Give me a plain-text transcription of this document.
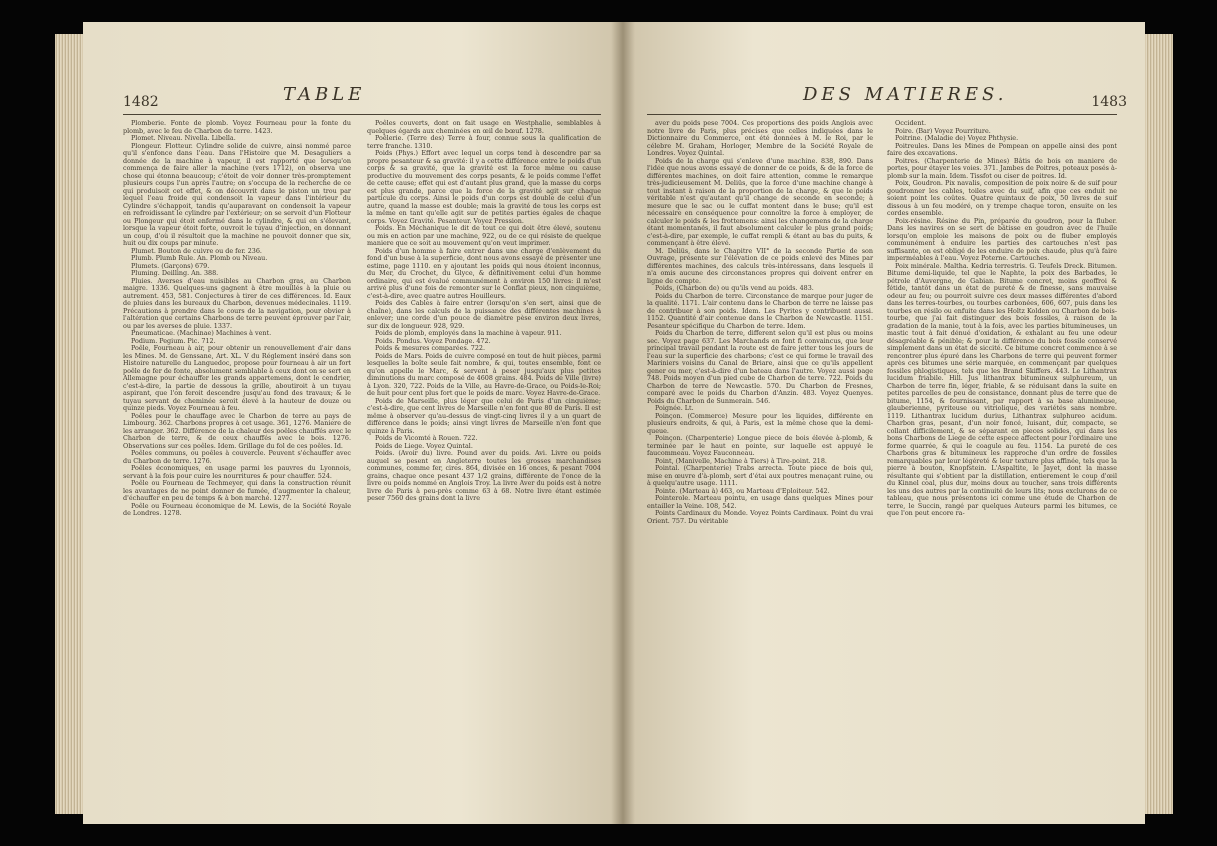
1482	TABLE

Plomberie. Fonte de plomb. Voyez Fourneau pour la fonte du plomb, avec le feu de Charbon de terre. 1423.

Plomet. Niveau. Nivella. Libella.

Plongeur. Flotteur. Cylindre solide de cuivre, ainsi nommé parce qu'il s'enfonce dans l'eau. Dans l'Histoire que M. Desaguliers a donnée de la machine à vapeur, il est rapporté que lorsqu'on commença de faire aller la machine (vers 1712), on observa une chose qui étonna beaucoup; c'étoit de voir donner très-promptement plusieurs coups l'un après l'autre; on s'occupa de la recherche de ce qui produisoit cet effet, & on découvrit dans le piston un trou par lequel l'eau froide qui condensoit la vapeur dans l'intérieur du Cylindre s'échappoit, tandis qu'auparavant on condensoit la vapeur en refroidissant le cylindre par l'extérieur; on se servoit d'un Flotteur ou Plongeur qui étoit enfermé dans le cylindre, & qui en s'élevant, lorsque la vapeur étoit forte, ouvroit le tuyau d'injection, en donnant un coup, d'où il résultoit que la machine ne pouvoit donner que six, huit ou dix coups par minute.

Plumet. Bouton de cuivre ou de fer. 236.

Plumb. Plumb Rule. An. Plomb ou Niveau.

Plumets. (Garçons) 679.

Pluming. Deilling. An. 388.

Pluies. Averses d'eau nuisibles au Charbon gras, au Charbon maigre. 1336. Quelques-uns gagnent à être mouillés à la pluie ou autrement. 453, 581. Conjectures à tirer de ces différences. Id. Eaux de pluies dans les bureaux du Charbon, devenues médecinales. 1119. Précautions à prendre dans le cours de la navigation, pour obvier à l'altération que certains Charbons de terre peuvent éprouver par l'air, ou par les averses de pluie. 1337.

Pneumaticae. (Machinae) Machines à vent.

Podium. Pegium. Pic. 712.

Poêle, Fourneau à air, pour obtenir un renouvellement d'air dans les Mines. M. de Genssane, Art. XL. V du Réglement inséré dans son Histoire naturelle du Languedoc, propose pour fourneau à air un fort poêle de fer de fonte, absolument semblable à ceux dont on se sert en Allemagne pour échauffer les grands appartemens, dont le cendrier, c'est-à-dire, la partie de dessous la grille, aboutiroit à un tuyau aspirant, que l'on feroit descendre jusqu'au fond des travaux; & le tuyau servant de cheminée seroit élevé à la hauteur de douze ou quinze pieds. Voyez Fourneau à feu.

Poêles pour le chauffage avec le Charbon de terre au pays de Limbourg. 362. Charbons propres à cet usage. 361, 1276. Maniere de les arranger. 362. Différence de la chaleur des poêles chauffés avec le Charbon de terre, & de ceux chauffés avec le bois. 1276. Observations sur ces poêles. Idem. Grillage du fol de ces poêles. Id.

Poêles communs, ou poêles à couvercle. Peuvent s'échauffer avec du Charbon de terre. 1276.

Poêles économiques, en usage parmi les pauvres du Lyonnois, servant à la fois pour cuire les nourritures & pour chauffer. 524.

Poêle ou Fourneau de Techmeyer, qui dans la construction réunit les avantages de ne point donner de fumée, d'augmenter la chaleur, d'échauffer en peu de temps & à bon marché. 1277.

Poêle ou Fourneau économique de M. Lewis, de la Société Royale de Londres. 1278.

Poêles couverts, dont on fait usage en Westphalie, semblables à quelques égards aux cheminées en œil de bœuf. 1278.

Poêlerie. (Terre des) Terre à four, connue sous la qualification de terre franche. 1310.

Poids (Phys.) Effort avec lequel un corps tend à descendre par sa propre pesanteur & sa gravité: il y a cette différence entre le poids d'un corps & sa gravité, que la gravité est la force même ou cause productive du mouvement des corps pesants, & le poids comme l'effet de cette cause; effet qui est d'autant plus grand, que la masse du corps est plus grande, parce que la force de la gravité agit sur chaque particule du corps. Ainsi le poids d'un corps est double de celui d'un autre, quand la masse est double; mais la gravité de tous les corps est la même en tant qu'elle agit sur de petites parties égales de chaque corps. Voyez Gravité. Pesanteur. Voyez Pression.

Poids. En Méchanique le dit de tout ce qui doit être élevé, soutenu ou mis en action par une machine, 922, ou de ce qui résiste de quelque maniere que ce soit au mouvement qu'on veut imprimer.

Poids d'un homme à faire entrer dans une charge d'enlèvement du fond d'un buse à la superficie, dont nous avons essayé de présenter une estime, page 1110. en y ajoutant les poids qui nous étoient inconnus, du Mer, du Crochet, du Glyce, & définitivement celui d'un homme ordinaire, qui est évalué communément à environ 150 livres: il m'est arrivé plus d'une fois de remonter sur le Conflat pieux, non cinquième, c'est-à-dire, avec quatre autres Houilleurs.

Poids des Cables à faire entrer (lorsqu'on s'en sert, ainsi que de chaîne), dans les calculs de la puissance des différentes machines à enlever; une corde d'un pouce de diamètre pèse environ deux livres, sur dix de longueur. 928, 929.

Poids de plomb, employés dans la machine à vapeur. 911.

Poids. Pondus. Voyez Pondage. 472.

Poids & mesures comparées. 722.

Poids de Mars. Poids de cuivre composé en tout de huit pièces, parmi lesquelles la boîte seule fait nombre, & qui, toutes ensemble, font ce qu'on appelle le Marc, & servent à peser jusqu'aux plus petites diminutions du marc composé de 4608 grains. 484. Poids de Ville (livre) à Lyon. 320, 722. Poids de la Ville, au Havre-de-Grace, ou Poids-le-Roi; de huit pour cent plus fort que le poids de marc. Voyez Havre-de-Grace.

Poids de Marseille, plus léger que celui de Paris d'un cinquième; c'est-à-dire, que cent livres de Marseille n'en font que 80 de Paris. Il est même à observer qu'au-dessus de vingt-cinq livres il y a un quart de différence dans le poids; ainsi vingt livres de Marseille n'en font que quinze à Paris.

Poids de Vicomté à Rouen. 722.

Poids de Liege. Voyez Quintal.

Poids. (Avoir du) livre. Pound aver du poids. Avi. Livre ou poids auquel se pesent en Angleterre toutes les grosses marchandises communes, comme fer, cires. 864, divisée en 16 onces, & pesant 7004 grains, chaque once pesant 437 1/2 grains, différente de l'once de la livre ou poids nommé en Anglois Troy. La livre Aver du poids est à notre livre de Paris à peu-près comme 63 à 68. Notre livre étant estimée peser 7560 des grains dont la livre

DES MATIERES.	1483

aver du poids pese 7004. Ces proportions des poids Anglois avec notre livre de Paris, plus précises que celles indiquées dans le Dictionnaire du Commerce, ont été données à M. le Roi, par le célebre M. Graham, Horloger, Membre de la Société Royale de Londres. Voyez Quintal.

Poids de la charge qui s'enleve d'une machine. 838, 890. Dans l'idée que nous avons essayé de donner de ce poids, & de la force de différentes machines, on doit faire attention, comme le remarque très-judicieusement M. Deliüs, que la force d'une machine change à tout instant à raison de la proportion de la charge, & que le poids véritable n'est qu'autant qu'il change de seconde en seconde; à mesure que le sac ou le cuffat montent dans le buse; qu'il est nécessaire en conséquence pour connoître la force à employer, de calculer le poids & les frottemens: ainsi les changemens de la charge étant momentanés, il faut absolument calculer le plus grand poids; c'est-à-dire, par exemple, le cuffat rempli & étant au bas du puits, & commençant à être élevé.

M. Deliüs, dans le Chapitre VII° de la seconde Partie de son Ouvrage, présente sur l'élévation de ce poids enlevé des Mines par différentes machines, des calculs très-intéressans, dans lesquels il n'a omis aucune des circonstances propres qui doivent entrer en ligne de compte.

Poids, (Charbon de) ou qu'ils vend au poids. 483.

Poids du Charbon de terre. Circonstance de marque pour juger de la qualité. 1171. L'air contenu dans le Charbon de terre ne laisse pas de contribuer à son poids. Idem. Les Pyrites y contribuent aussi. 1152. Quantité d'air contenue dans le Charbon de Newcastle. 1151. Pesanteur spécifique du Charbon de terre. Idem.

Poids du Charbon de terre, different selon qu'il est plus ou moins sec. Voyez page 637. Les Marchands en font fi convaincus, que leur principal travail pendant la route est de faire jetter tous les jours de l'eau sur la superficie des charbons; c'est ce qui forme le travail des Mariniers voisins du Canal de Briare, ainsi que ce qu'ils appellent gener ou mer, c'est-à-dire d'un bateau dans l'autre. Voyez aussi page 748. Poids moyen d'un pied cube de Charbon de terre. 722. Poids du Charbon de terre de Newcastle. 570. Du Charbon de Fresnes, comparé avec le poids du Charbon d'Anzin. 483. Voyez Quenyes. Poids du Charbon de Sunmerain. 546.

Poignée. Lt.

Poinçon. (Commerce) Mesure pour les liquides, différente en plusieurs endroits, & qui, à Paris, est la même chose que la demi-queue.

Poinçon. (Charpenterie) Longue piece de bois élevée à-plomb, & terminée par le haut en pointe, sur laquelle est appuyé le faucommeau. Voyez Fauconneau.

Point, (Manivelle, Machine à Tiers) à Tire-point. 218.

Pointal. (Charpenterie) Trabs arrecta. Toute piece de bois qui, mise en œuvre d'à-plomb, sert d'étai aux poutres menaçant ruine, ou à quelqu'autre usage. 1111.

Pointe. (Marteau à) 463, ou Marteau d'Eploiteur. 542.

Pointerole. Marteau pointu, en usage dans quelques Mines pour entailler la Veine. 108, 542.

Points Cardinaux du Monde. Voyez Points Cardinaux. Point du vrai Orient. 757. Du véritable

Occident.

Poire. (Bar) Voyez Pourriture.

Poitrine. (Maladie de) Voyez Phthysie.

Poitreules. Dans les Mines de Pompean on appelle ainsi des pont faire des excavations.

Poitres. (Charpenterie de Mines) Bâtis de bois en maniere de portes, pour étayer les voies. 371. Jambes de Poitres, poteaux posés à-plomb sur la main. Idem. Tissfot ou ciser de poitres. Id.

Poix, Goudron. Pix navalis, composition de poix noire & de suif pour goudronner les cables, toiles avec du suif, afin que ces enduit ne soient point les coûtes. Quatre quintaux de poix, 50 livres de suif dissous à un feu modéré, on y trempe chaque toron, ensuite on les cordes ensemble.

Poix-résine. Résine du Pin, préparée du goudron, pour la fluber. Dans les navires on se sert de bâtisse en goudron avec de l'huile lorsqu'on emploie les maisons de poix ou de fluber employés communément à enduire les parties des cartouches n'est pas suffisante, on est obligé de les enduire de poix chaude, plus qu'à faire imperméables à l'eau. Voyez Poterne. Cartouches.

Poix minérale. Maltha. Kedria terrestris. G. Teufels Dreck. Bitumen. Bitume demi-liquide, tel que le Naphte, la poix des Barbades, le pétrole d'Auvergne, de Gabian. Bitume concret, moins geoffroi & fétide, tantôt dans un état de pureté & de finesse, sans mauvaise odeur au feu; ou pourroit suivre ces deux masses différentes d'abord dans les terres-tourbes, ou tourbes carbonées, 606, 607, puis dans les tourbes en résilo ou enfuite dans les Holtz Kolden ou Charbon de bois-tourbe, que j'ai fait distinguer des bois fossiles, à raison de la gradation de la manie, tout à la fois, avec les parties bitumineuses, un mastic tout à fait dénué d'oxidation, & exhalant au feu une odeur désagréable & pénible; & pour la différence du bois fossile conservé simplement dans un état de siccité. Ce bitume concret commence à se rencontrer plus épuré dans les Charbons de terre qui peuvent former après ces bitumes une série marquée, en commençant par quelques fossiles phlogistiques, tels que les Brand Skiffers. 443. Le Lithantrax lucidum friabile. Hill. Jus lithantrax bitumineux sulphureum, un Charbon de terre fin, léger, friable, & se réduisant dans la suite en petites parcelles de peu de consistance, donnant plus de terre que de bitume, 1154, & fournissant, par rapport à sa base alumineuse, glauberienne, pyriteuse ou vitriolique, des variétés sans nombre. 1119. Lithantrax lucidum durius, Lithantrax sulphureo acidum. Charbon gras, pesant, d'un noir foncé, luisant, dur, compacte, se collant difficilement, & se séparant en pieces solides, qui dans les bons Charbons de Liege de cette espece affectent pour l'ordinaire une forme quarrée, & qui le coagule au feu. 1154. La pureté de ces Charbons gras & bitumineux les rapproche d'un ordre de fossiles remarquables par leur légéreté & leur texture plus affinée, tels que la pierre à bouton, Knopfstein. L'Aspaltite, le Jayet, dont la masse résultante qui s'obtient par la distillation, entierement le coup d'œil du Kinnel coal, plus dur, moins doux au toucher, sans trois différents les uns des autres par la continuité de leurs lits; nous exclurons de ce tableau, que nous présentons ici comme une étude de Charbon de terre, le Succin, rangé par quelques Auteurs parmi les bitumes, ce que l'on peut encore ra-
